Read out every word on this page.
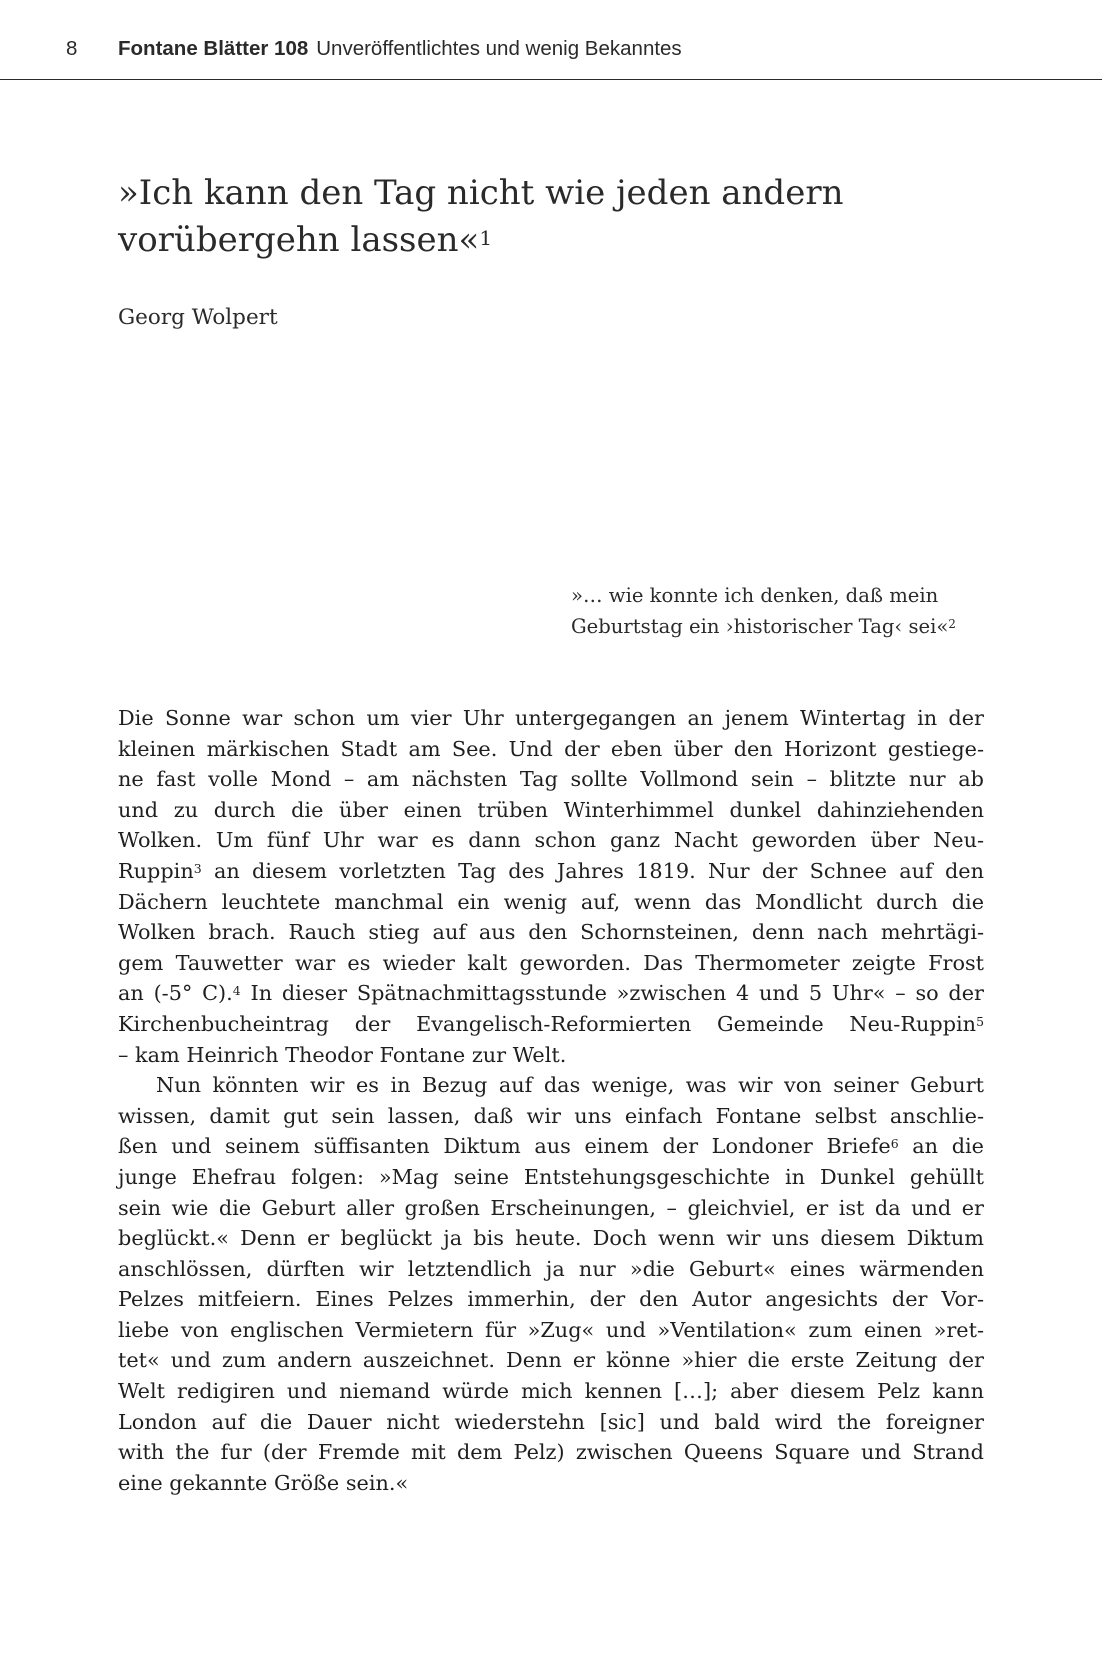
8 Fontane Blätter 108 Unveröffentlichtes und wenig Bekanntes
»Ich kann den Tag nicht wie jeden andern
vorübergehn lassen«$^1$
Georg Wolpert
»… wie konnte ich denken, daß mein
Geburtstag ein ›historischer Tag‹ sei«$^2$
Die Sonne war schon um vier Uhr untergegangen an jenem Wintertag in der
kleinen märkischen Stadt am See. Und der eben über den Horizont gestiege-
ne fast volle Mond – am nächsten Tag sollte Vollmond sein – blitzte nur ab
und zu durch die über einen trüben Winterhimmel dunkel dahinziehenden
Wolken. Um fünf Uhr war es dann schon ganz Nacht geworden über Neu-
Ruppin$^3$ an diesem vorletzten Tag des Jahres 1819. Nur der Schnee auf den
Dächern leuchtete manchmal ein wenig auf, wenn das Mondlicht durch die
Wolken brach. Rauch stieg auf aus den Schornsteinen, denn nach mehrtägi-
gem Tauwetter war es wieder kalt geworden. Das Thermometer zeigte Frost
an (-5° C).$^4$ In dieser Spätnachmittagsstunde »zwischen 4 und 5 Uhr« – so der
Kirchenbucheintrag der Evangelisch-Reformierten Gemeinde Neu-Ruppin$^5$
– kam Heinrich Theodor Fontane zur Welt.
Nun könnten wir es in Bezug auf das wenige, was wir von seiner Geburt
wissen, damit gut sein lassen, daß wir uns einfach Fontane selbst anschlie-
ßen und seinem süffisanten Diktum aus einem der Londoner Briefe$^6$ an die
junge Ehefrau folgen: »Mag seine Entstehungsgeschichte in Dunkel gehüllt
sein wie die Geburt aller großen Erscheinungen, – gleichviel, er ist da und er
beglückt.« Denn er beglückt ja bis heute. Doch wenn wir uns diesem Diktum
anschlössen, dürften wir letztendlich ja nur »die Geburt« eines wärmenden
Pelzes mitfeiern. Eines Pelzes immerhin, der den Autor angesichts der Vor-
liebe von englischen Vermietern für »Zug« und »Ventilation« zum einen »ret-
tet« und zum andern auszeichnet. Denn er könne »hier die erste Zeitung der
Welt redigiren und niemand würde mich kennen […]; aber diesem Pelz kann
London auf die Dauer nicht wiederstehn [sic] und bald wird the foreigner
with the fur (der Fremde mit dem Pelz) zwischen Queens Square und Strand
eine gekannte Größe sein.«
